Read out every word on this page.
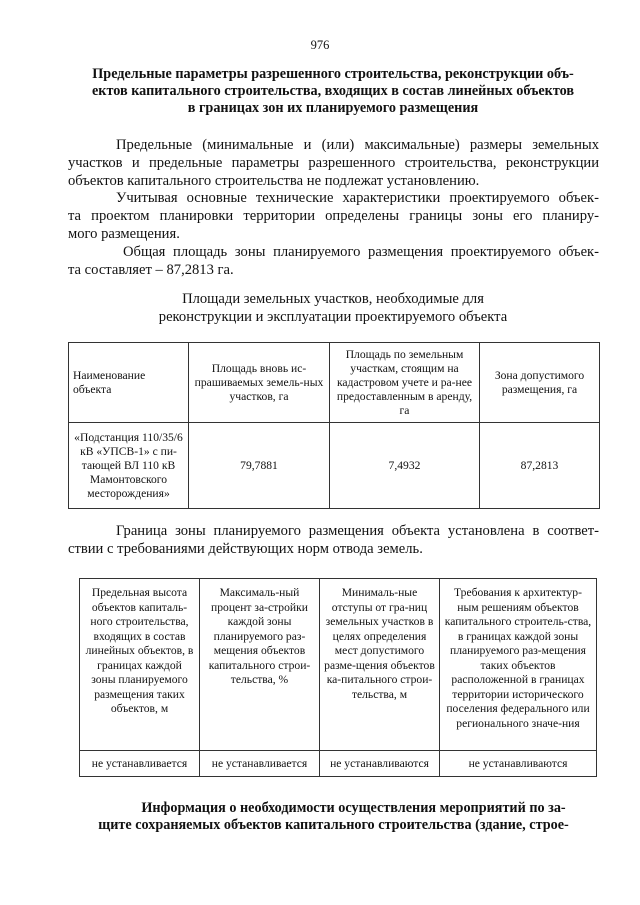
976
Предельные параметры разрешенного строительства, реконструкции объ-
ектов капитального строительства, входящих в состав линейных объектов
в границах зон их планируемого размещения
Предельные (минимальные и (или) максимальные) размеры земельных
участков и предельные параметры разрешенного строительства, реконструкции
объектов капитального строительства не подлежат установлению.
Учитывая основные технические характеристики проектируемого объек-
та проектом планировки территории определены границы зоны его планиру-
мого размещения.
Общая площадь зоны планируемого размещения проектируемого объек-
та составляет – 87,2813 га.
Площади земельных участков, необходимые для
реконструкции и эксплуатации проектируемого объекта
Наименование объекта	Площадь вновь ис-прашиваемых земель-ных участков, га	Площадь по земельным участкам, стоящим на кадастровом учете и ра-нее предоставленным в аренду, га	Зона допустимого размещения, га
«Подстанция 110/35/6 кВ «УПСВ-1» с пи-тающей ВЛ 110 кВ Мамонтовского месторождения»	79,7881	7,4932	87,2813
Граница зоны планируемого размещения объекта установлена в соответ-
ствии с требованиями действующих норм отвода земель.
Предельная высота объектов капиталь-ного строительства, входящих в состав линейных объектов, в границах каждой зоны планируемого размещения таких объектов, м	Максималь-ный процент за-стройки каждой зоны планируемого раз-мещения объектов капитального строи-тельства, %	Минималь-ные отступы от гра-ниц земельных участков в целях определения мест допустимого разме-щения объектов ка-питального строи-тельства, м	Требования к архитектур-ным решениям объектов капитального строитель-ства, в границах каждой зоны планируемого раз-мещения таких объектов расположенной в границах территории исторического поселения федерального или регионального значе-ния
не устанавливается	не устанавливается	не устанавливаются	не устанавливаются
Информация о необходимости осуществления мероприятий по за-
щите сохраняемых объектов капитального строительства (здание, строе-
